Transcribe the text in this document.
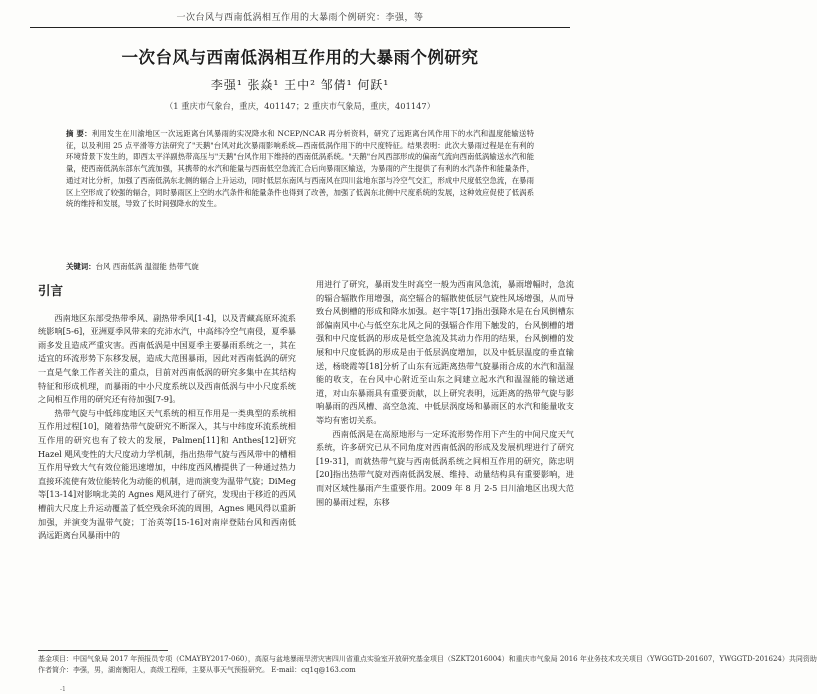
一次台风与西南低涡相互作用的大暴雨个例研究：李强，等
一次台风与西南低涡相互作用的大暴雨个例研究
李强¹ 张焱¹ 王中² 邹倩¹ 何跃¹
（1 重庆市气象台，重庆，401147；2 重庆市气象局，重庆，401147）
摘 要：利用发生在川渝地区一次远距离台风暴雨的实况降水和 NCEP/NCAR 再分析资料，研究了远距离台风作用下的水汽和温度能输送特征，以及利用 25 点平滑等方法研究了"天鹅"台风对此次暴雨影响系统—西南低涡作用下的中尺度特征。结果表明：此次大暴雨过程是在有利的环境背景下发生的，即西太平洋副热带高压与"天鹅"台风作用下维持的西南低涡系统。"天鹅"台风西部形成的偏南气流向西南低涡输送水汽和能量，使西南低涡东部东气流加强，其携带的水汽和能量与西南低空急流汇合后向暴雨区输送，为暴雨的产生提供了有利的水汽条件和能量条件，通过对比分析，加强了西南低涡东北侧的辐合上升运动，同时低层东南风与西南风在四川盆地东部与冷空气交汇，形成中尺度低空急流，在暴雨区上空形成了较强的辐合，同时暴雨区上空的水汽条件和能量条件也得到了改善，加强了低涡东北侧中尺度系统的发展，这种效应促使了低涡系统的维持和发展，导致了长时间强降水的发生。
关键词：台风 西南低涡 温湿能 热带气旋
引言

西南地区东部受热带季风、副热带季风[1-4]，以及青藏高原环流系统影响[5-6]，亚洲夏季风带来的充沛水汽，中高纬冷空气南侵，夏季暴雨多发且造成严重灾害。西南低涡是中国夏季主要暴雨系统之一，其在适宜的环流形势下东移发展，造成大范围暴雨，因此对西南低涡的研究一直是气象工作者关注的重点，目前对西南低涡的研究多集中在其结构特征和形成机理，而暴雨的中小尺度系统以及西南低涡与中小尺度系统之间相互作用的研究还有待加强[7-9]。

热带气旋与中低纬度地区天气系统的相互作用是一类典型的系统相互作用过程[10]，随着热带气旋研究不断深入，其与中纬度环流系统相互作用的研究也有了较大的发展，Palmen[11]和 Anthes[12]研究 Hazel 飓风变性的大尺度动力学机制，指出热带气旋与西风带中的槽相互作用导致大气有效位能迅速增加，中纬度西风槽提供了一种通过热力直接环流使有效位能转化为动能的机制，进而演变为温带气旋；DiMeg 等[13-14]对影响北美的 Agnes 飓风进行了研究，发现由于移近的西风槽前大尺度上升运动覆盖了低空残余环流的周围，Agnes 飓风得以重新加强，并演变为温带气旋；丁治英等[15-16]对南岸登陆台风和西南低涡远距离台风暴雨中的

用进行了研究，暴雨发生时高空一般为西南风急流，暴雨增幅时，急流的辐合辐散作用增强，高空辐合的辐散使低层气旋性风场增强，从而导致台风倒槽的形成和降水加强。赵宇等[17]指出强降水是在台风倒槽东部偏南风中心与低空东北风之间的强辐合作用下触发的，台风倒槽的增强和中尺度低涡的形成是低空急流及其动力作用的结果，台风倒槽的发展和中尺度低涡的形成是由于低层涡度增加，以及中低层温度的垂直输送，杨晓霞等[18]分析了山东有远距离热带气旋暴雨合成的水汽和温湿能的收支，在台风中心附近至山东之间建立起水汽和温湿能的输送通道，对山东暴雨具有重要贡献，以上研究表明，远距离的热带气旋与影响暴雨的西风槽、高空急流、中低层涡度场和暴雨区的水汽和能量收支等均有密切关系。

西南低涡是在高原地形与一定环流形势作用下产生的中间尺度天气系统，许多研究已从不同角度对西南低涡的形成及发展机理进行了研究[19-31]，而就热带气旋与西南低涡系统之间相互作用的研究，陈忠明[20]指出热带气旋对西南低涡发展、维持、动量结构具有重要影响，进而对区域性暴雨产生重要作用。2009 年 8 月 2-5 日川渝地区出现大范围的暴雨过程，东移

基金项目：中国气象局 2017 年预报员专项（CMAYBY2017-060），高原与盆地暴雨旱涝灾害四川省重点实验室开放研究基金项目（SZKT2016004）和重庆市气象局 2016 年业务技术攻关项目（YWGGTD-201607，YWGGTD-201624）共同资助
作者简介：李强，男，湖南衡阳人，高级工程师，主要从事天气预报研究。 E-mail：cq1q@163.com
-1
